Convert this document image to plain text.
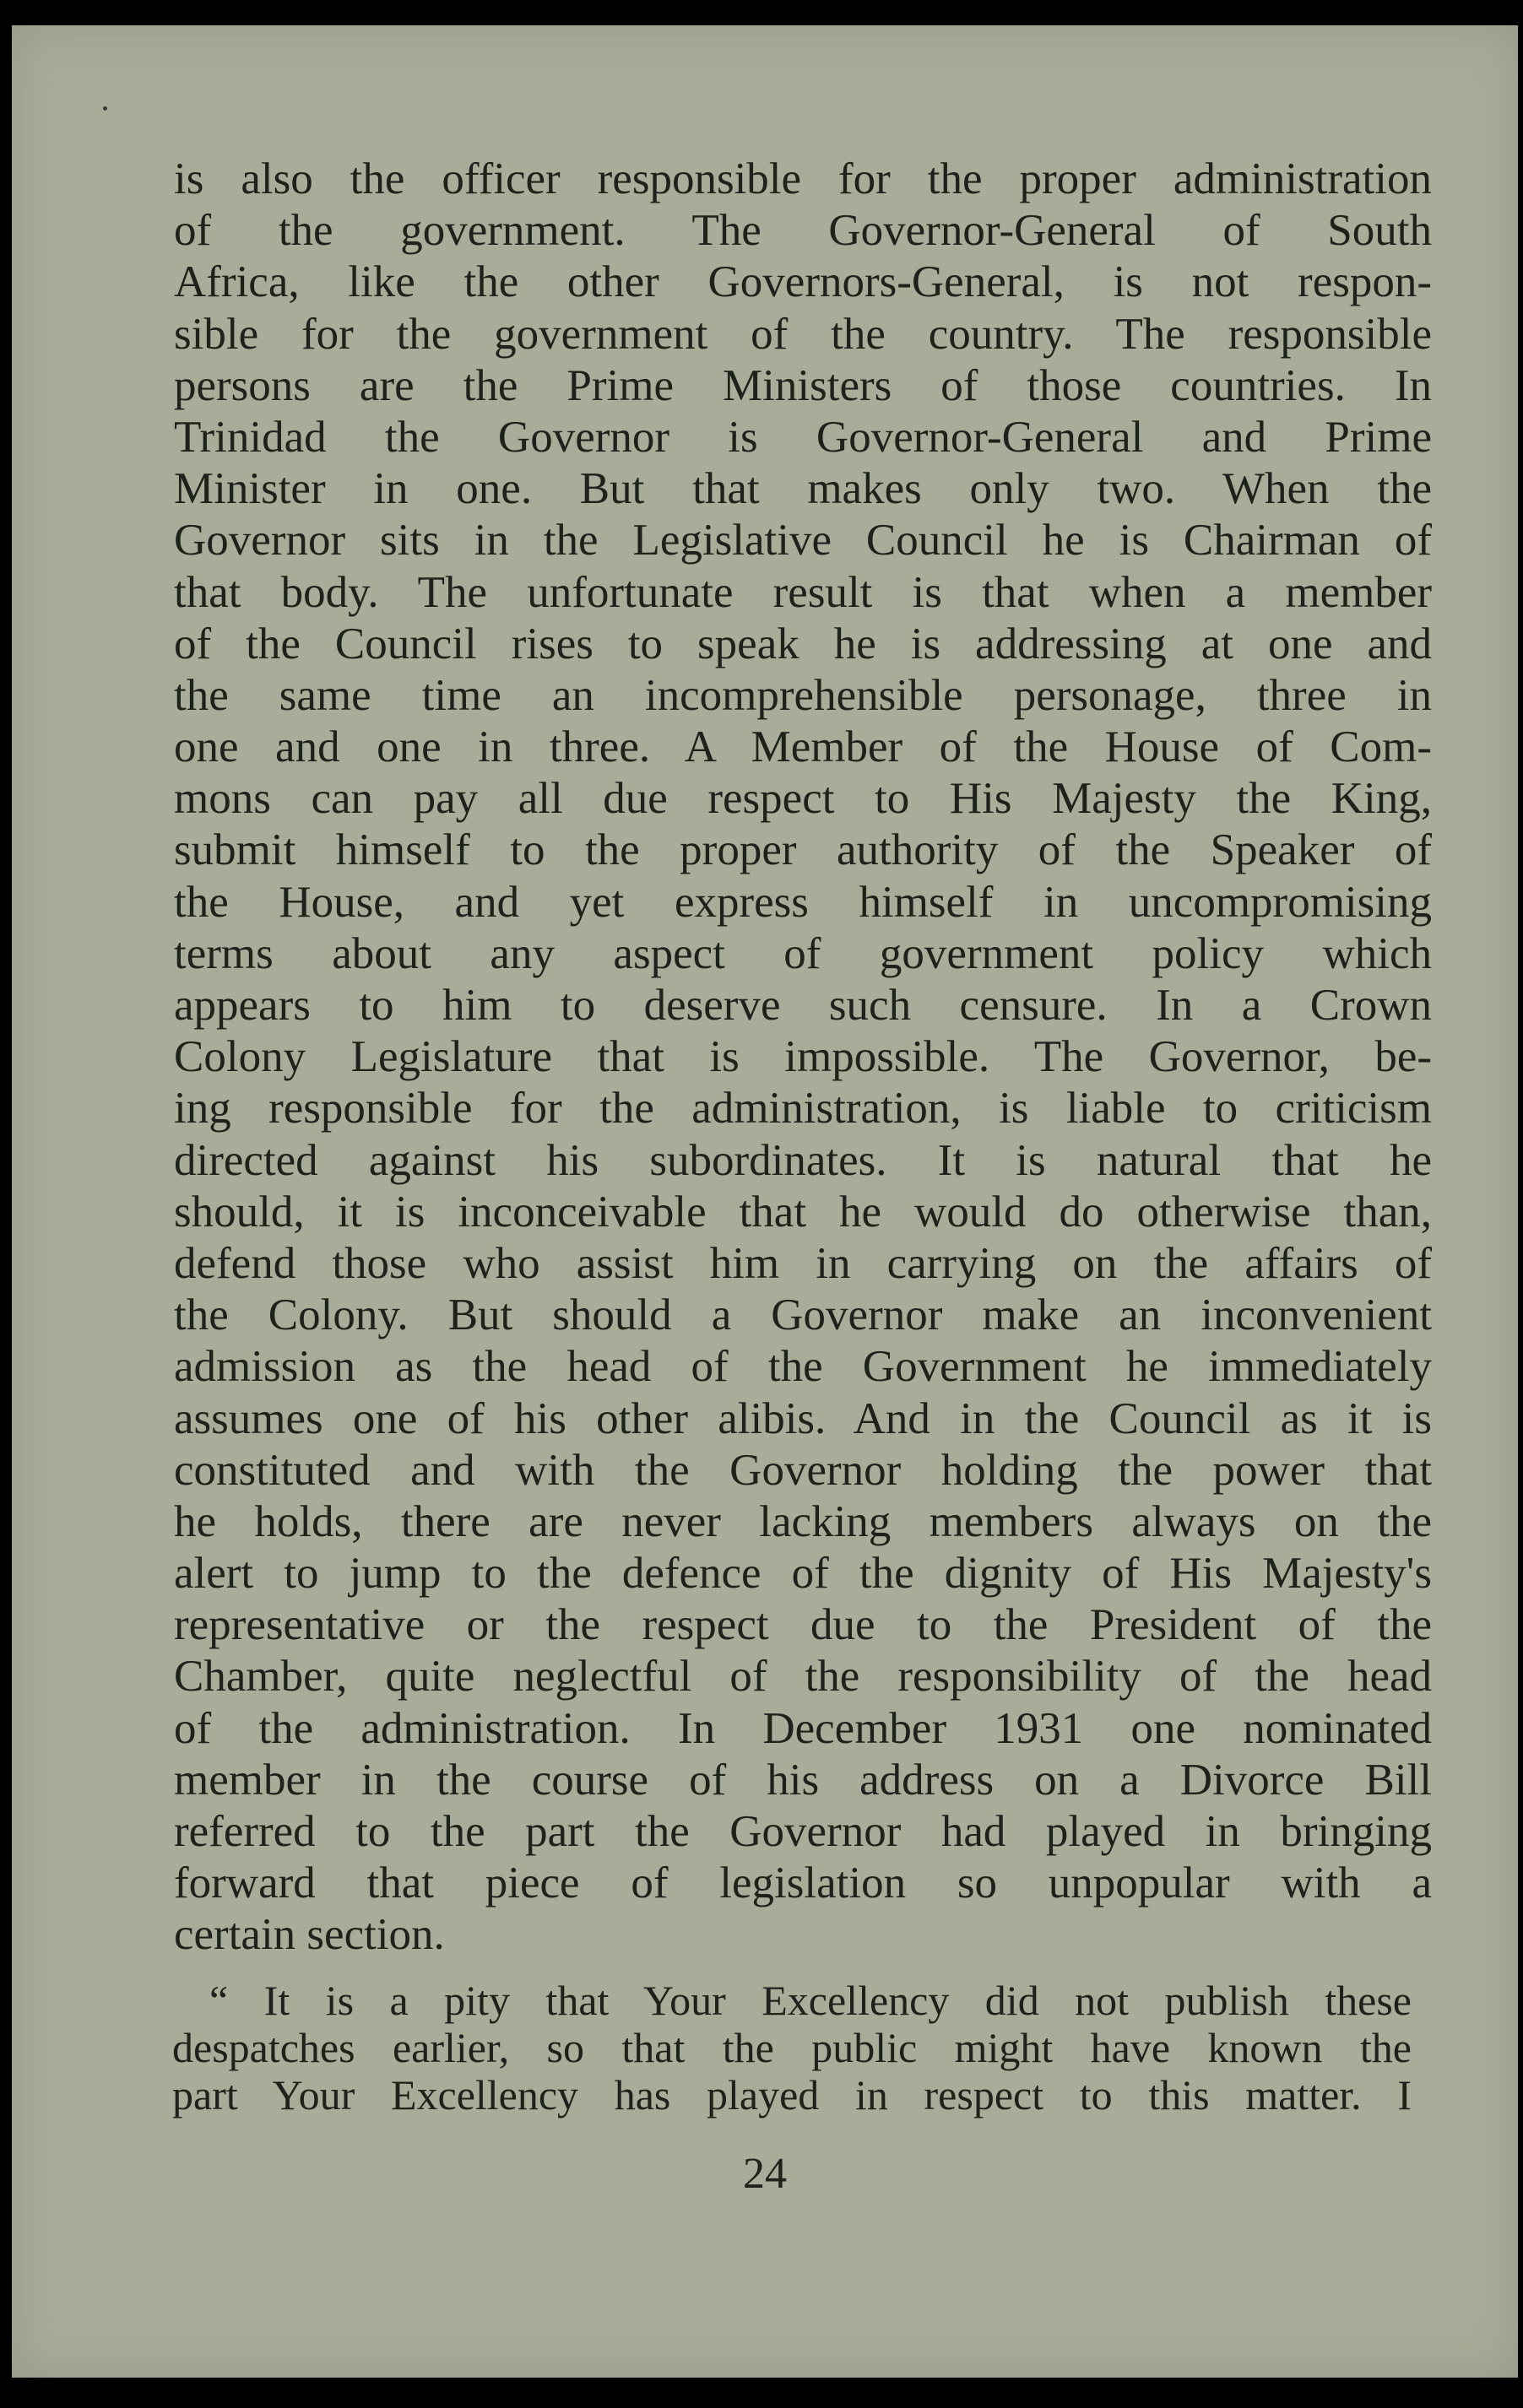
is also the officer responsible for the proper administration
of the government. The Governor-General of South
Africa, like the other Governors-General, is not respon-
sible for the government of the country. The responsible
persons are the Prime Ministers of those countries. In
Trinidad the Governor is Governor-General and Prime
Minister in one. But that makes only two. When the
Governor sits in the Legislative Council he is Chairman of
that body. The unfortunate result is that when a member
of the Council rises to speak he is addressing at one and
the same time an incomprehensible personage, three in
one and one in three. A Member of the House of Com-
mons can pay all due respect to His Majesty the King,
submit himself to the proper authority of the Speaker of
the House, and yet express himself in uncompromising
terms about any aspect of government policy which
appears to him to deserve such censure. In a Crown
Colony Legislature that is impossible. The Governor, be-
ing responsible for the administration, is liable to criticism
directed against his subordinates. It is natural that he
should, it is inconceivable that he would do otherwise than,
defend those who assist him in carrying on the affairs of
the Colony. But should a Governor make an inconvenient
admission as the head of the Government he immediately
assumes one of his other alibis. And in the Council as it is
constituted and with the Governor holding the power that
he holds, there are never lacking members always on the
alert to jump to the defence of the dignity of His Majesty's
representative or the respect due to the President of the
Chamber, quite neglectful of the responsibility of the head
of the administration. In December 1931 one nominated
member in the course of his address on a Divorce Bill
referred to the part the Governor had played in bringing
forward that piece of legislation so unpopular with a
certain section.
“ It is a pity that Your Excellency did not publish these
despatches earlier, so that the public might have known the
part Your Excellency has played in respect to this matter. I
24
